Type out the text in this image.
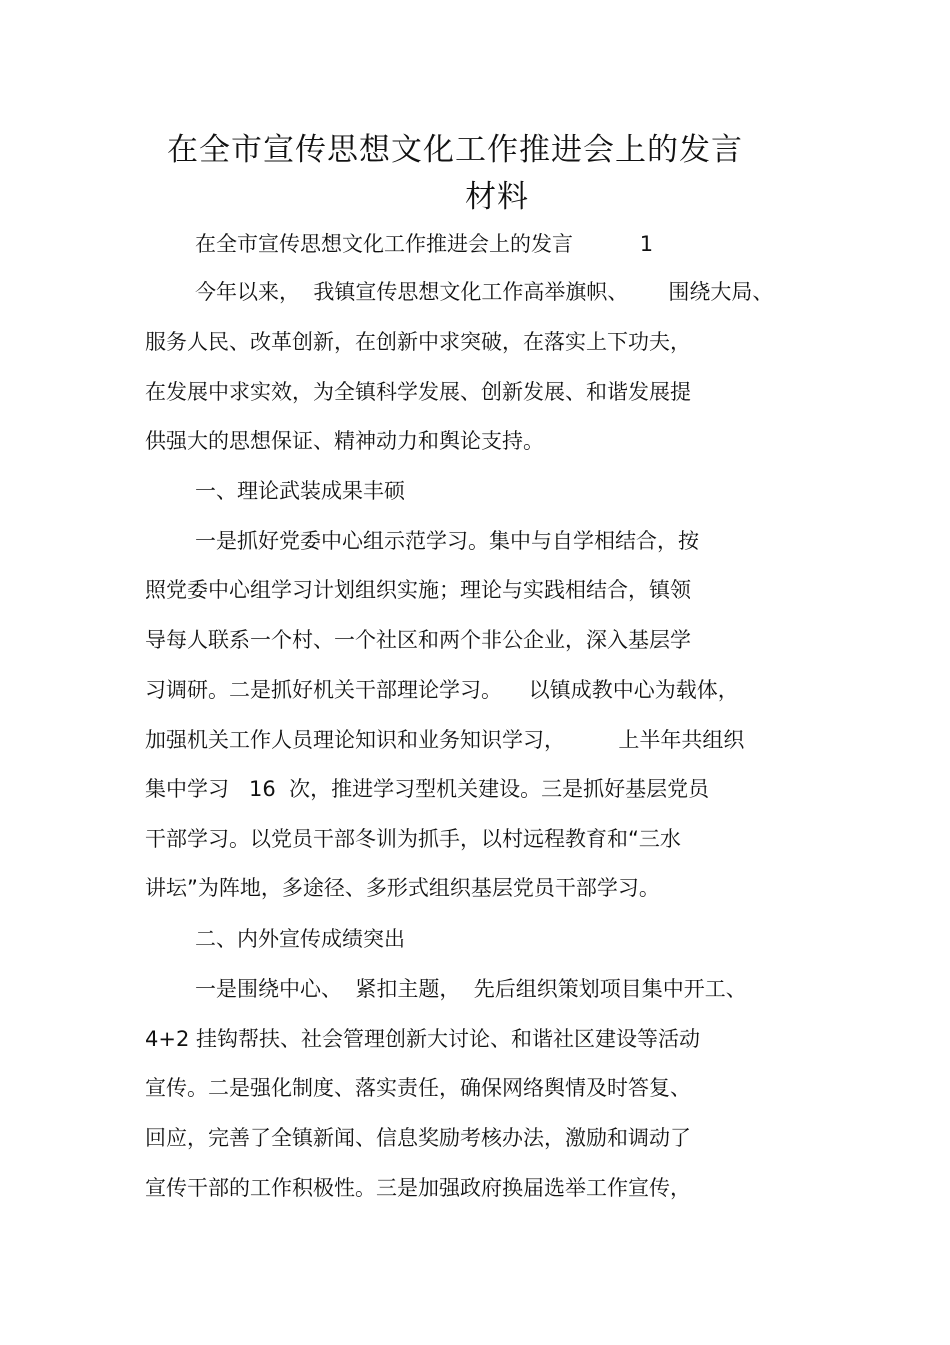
在全市宣传思想文化工作推进会上的发言
材料
在全市宣传思想文化工作推进会上的发言          1
今年以来，  我镇宣传思想文化工作高举旗帜、      围绕大局、
服务人民、改革创新，在创新中求突破，在落实上下功夫，
在发展中求实效，为全镇科学发展、创新发展、和谐发展提
供强大的思想保证、精神动力和舆论支持。
一、理论武装成果丰硕
一是抓好党委中心组示范学习。集中与自学相结合，按
照党委中心组学习计划组织实施；理论与实践相结合，镇领
导每人联系一个村、一个社区和两个非公企业，深入基层学
习调研。二是抓好机关干部理论学习。    以镇成教中心为载体，
加强机关工作人员理论知识和业务知识学习，        上半年共组织
集中学习   16  次，推进学习型机关建设。三是抓好基层党员
干部学习。以党员干部冬训为抓手，以村远程教育和“三水
讲坛”为阵地，多途径、多形式组织基层党员干部学习。
二、内外宣传成绩突出
一是围绕中心、  紧扣主题，  先后组织策划项目集中开工、
4+2 挂钩帮扶、社会管理创新大讨论、和谐社区建设等活动
宣传。二是强化制度、落实责任，确保网络舆情及时答复、
回应，完善了全镇新闻、信息奖励考核办法，激励和调动了
宣传干部的工作积极性。三是加强政府换届选举工作宣传，
